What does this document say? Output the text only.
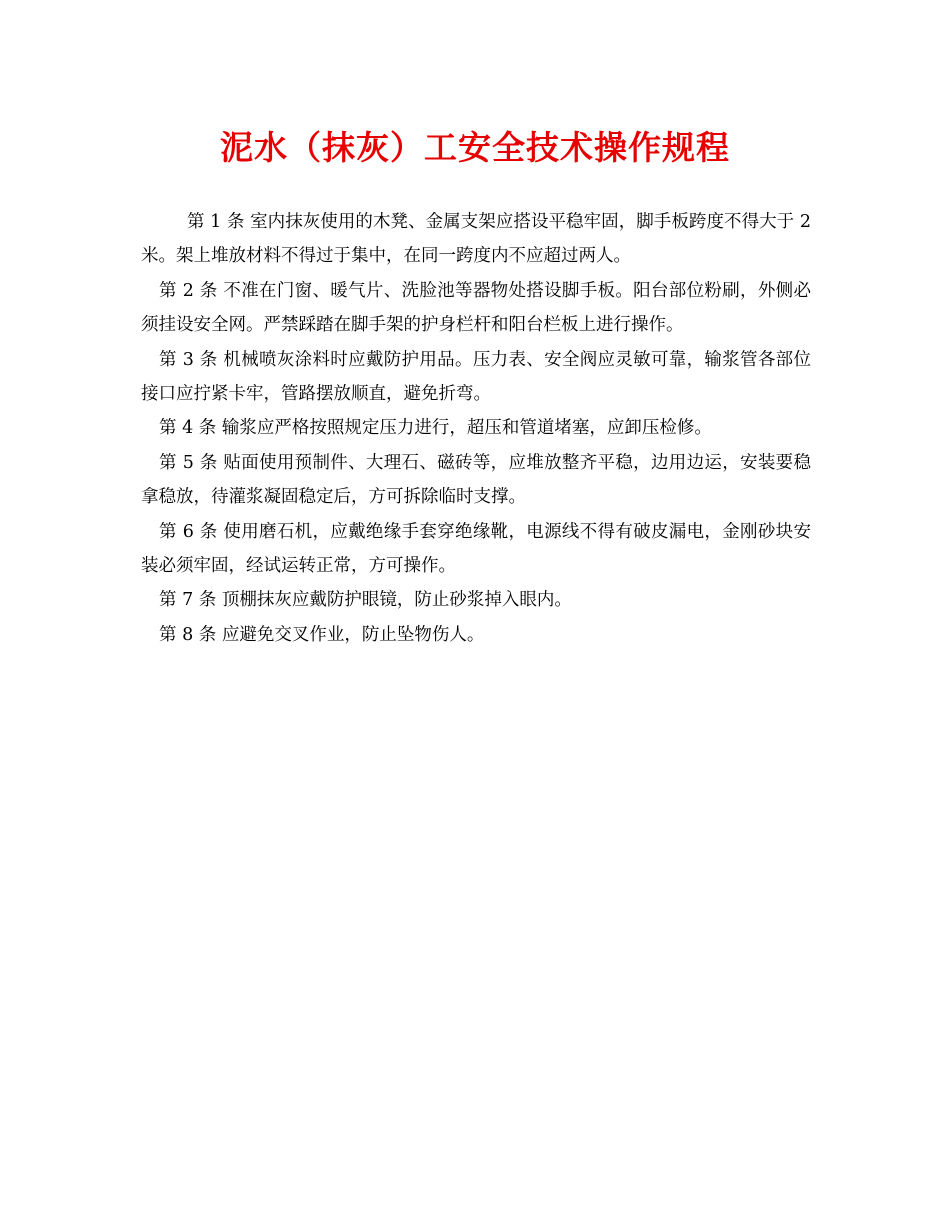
泥水（抹灰）工安全技术操作规程

第 1 条 室内抹灰使用的木凳、金属支架应搭设平稳牢固，脚手板跨度不得大于 2 米。架上堆放材料不得过于集中，在同一跨度内不应超过两人。

第 2 条 不准在门窗、暖气片、洗脸池等器物处搭设脚手板。阳台部位粉刷，外侧必须挂设安全网。严禁踩踏在脚手架的护身栏杆和阳台栏板上进行操作。

第 3 条 机械喷灰涂料时应戴防护用品。压力表、安全阀应灵敏可靠，输浆管各部位接口应拧紧卡牢，管路摆放顺直，避免折弯。

第 4 条 输浆应严格按照规定压力进行，超压和管道堵塞，应卸压检修。

第 5 条 贴面使用预制件、大理石、磁砖等，应堆放整齐平稳，边用边运，安装要稳拿稳放，待灌浆凝固稳定后，方可拆除临时支撑。

第 6 条 使用磨石机，应戴绝缘手套穿绝缘靴，电源线不得有破皮漏电，金刚砂块安装必须牢固，经试运转正常，方可操作。

第 7 条 顶棚抹灰应戴防护眼镜，防止砂浆掉入眼内。

第 8 条 应避免交叉作业，防止坠物伤人。
